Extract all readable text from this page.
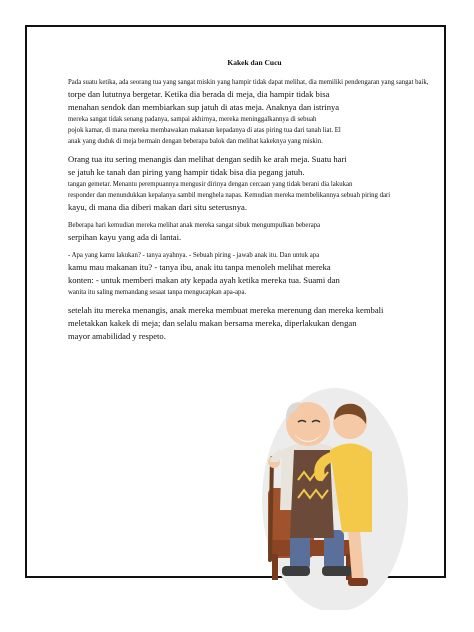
Kakek dan Cucu
Pada suatu ketika, ada seorang tua yang sangat miskin yang hampir tidak dapat melihat, dia memiliki pendengaran yang sangat baik,
torpe dan lututnya bergetar. Ketika dia berada di meja, dia hampir tidak bisa
menahan sendok dan membiarkan sup jatuh di atas meja. Anaknya dan istrinya
mereka sangat tidak senang padanya, sampai akhirnya, mereka meninggalkannya di sebuah
pojok kamar, di mana mereka membawakan makanan kepadanya di atas piring tua dari tanah liat. El
anak yang duduk di meja bermain dengan beberapa balok dan melihat kakeknya yang miskin.
Orang tua itu sering menangis dan melihat dengan sedih ke arah meja. Suatu hari
se jatuh ke tanah dan piring yang hampir tidak bisa dia pegang jatuh.
tangan gemetar. Menantu perempuannya mengusir dirinya dengan cercaan yang tidak berani dia lakukan
responder dan menundukkan kepalanya sambil menghela napas. Kemudian mereka membelikannya sebuah piring dari
kayu, di mana dia diberi makan dari situ seterusnya.
Beberapa hari kemudian mereka melihat anak mereka sangat sibuk mengumpulkan beberapa
serpihan kayu yang ada di lantai.
- Apa yang kamu lakukan? - tanya ayahnya. - Sebuah piring - jawab anak itu. Dan untuk apa
kamu mau makanan itu? - tanya ibu, anak itu tanpa menoleh melihat mereka
konten: - untuk memberi makan aty kepada ayah ketika mereka tua. Suami dan
wanita itu saling memandang sesaat tanpa mengucapkan apa-apa.
setelah itu mereka menangis, anak mereka membuat mereka merenung dan mereka kembali
meletakkan kakek di meja; dan selalu makan bersama mereka, diperlakukan dengan
mayor amabilidad y respeto.
